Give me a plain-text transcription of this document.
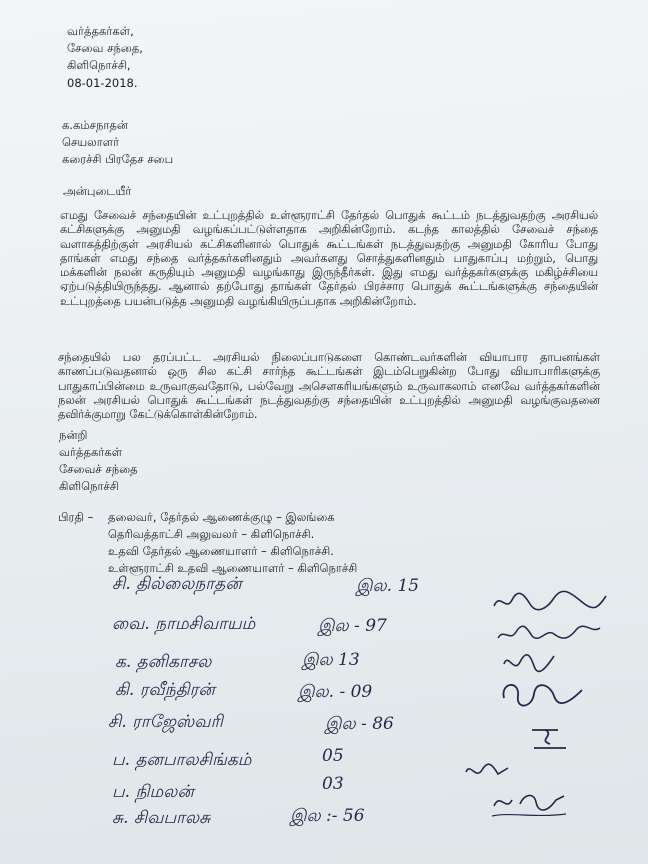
வர்த்தகர்கள்,
சேவை சந்தை,
கிளிநொச்சி,
08-01-2018.
க.கம்சநாதன்
செயலாளர்
கரைச்சி பிரதேச சபை
அன்புடையீர்
எமது சேவைச் சந்தையின் உட்புறத்தில் உள்ளூராட்சி தேர்தல் பொதுக் கூட்டம் நடத்துவதற்கு அரசியல் கட்சிகளுக்கு அனுமதி வழங்கப்பட்டுள்ளதாக அறிகின்றோம். கடந்த காலத்தில் சேவைச் சந்தை வளாகத்திற்குள் அரசியல் கட்சிகளினால் பொதுக் கூட்டங்கள் நடத்துவதற்கு அனுமதி கோரிய போது தாங்கள் எமது சந்தை வர்த்தகர்களினதும் அவர்களது சொத்துகளினதும் பாதுகாப்பு மற்றும், பொது மக்களின் நலன் கருதியும் அனுமதி வழங்காது இருந்தீர்கள். இது எமது வர்த்தகர்களுக்கு மகிழ்ச்சியை ஏற்படுத்தியிருந்தது. ஆனால் தற்போது தாங்கள் தேர்தல் பிரச்சார பொதுக் கூட்டங்களுக்கு சந்தையின் உட்புறத்தை பயன்படுத்த அனுமதி வழங்கியிருப்பதாக அறிகின்றோம்.
சந்தையில் பல தரப்பட்ட அரசியல் நிலைப்பாடுகளை கொண்டவர்களின் வியாபார தாபனங்கள் காணப்படுவதனால் ஒரு சில கட்சி சார்ந்த கூட்டங்கள் இடம்பெறுகின்ற போது வியாபாரிகளுக்கு பாதுகாப்பின்மை உருவாகுவதோடு, பல்வேறு அசௌகரியங்களும் உருவாகலாம் எனவே வர்த்தகர்களின் நலன் அரசியல் பொதுக் கூட்டங்கள் நடத்துவதற்கு சந்தையின் உட்புறத்தில் அனுமதி வழங்குவதனை தவிர்க்குமாறு கேட்டுக்கொள்கின்றோம்.
நன்றி
வர்த்தகர்கள்
சேவைச் சந்தை
கிளிநொச்சி
பிரதி – தலைவர், தேர்தல் ஆணைக்குழு – இலங்கை
தெரிவத்தாட்சி அலுவலர் – கிளிநொச்சி.
உதவி தேர்தல் ஆணையாளர் – கிளிநொச்சி.
உள்ளூராட்சி உதவி ஆணையாளர் – கிளிநொச்சி
சி. தில்லைநாதன்
வை. நாமசிவாயம்
க. தனிகாசல
கி. ரவீந்திரன்
சி. ராஜேஸ்வரி
ப. தனபாலசிங்கம்
ப. நிமலன்
சு. சிவபாலசு
இல. 15
இல - 97
இல 13
இல. - 09
இல - 86
05
03
இல :- 56
